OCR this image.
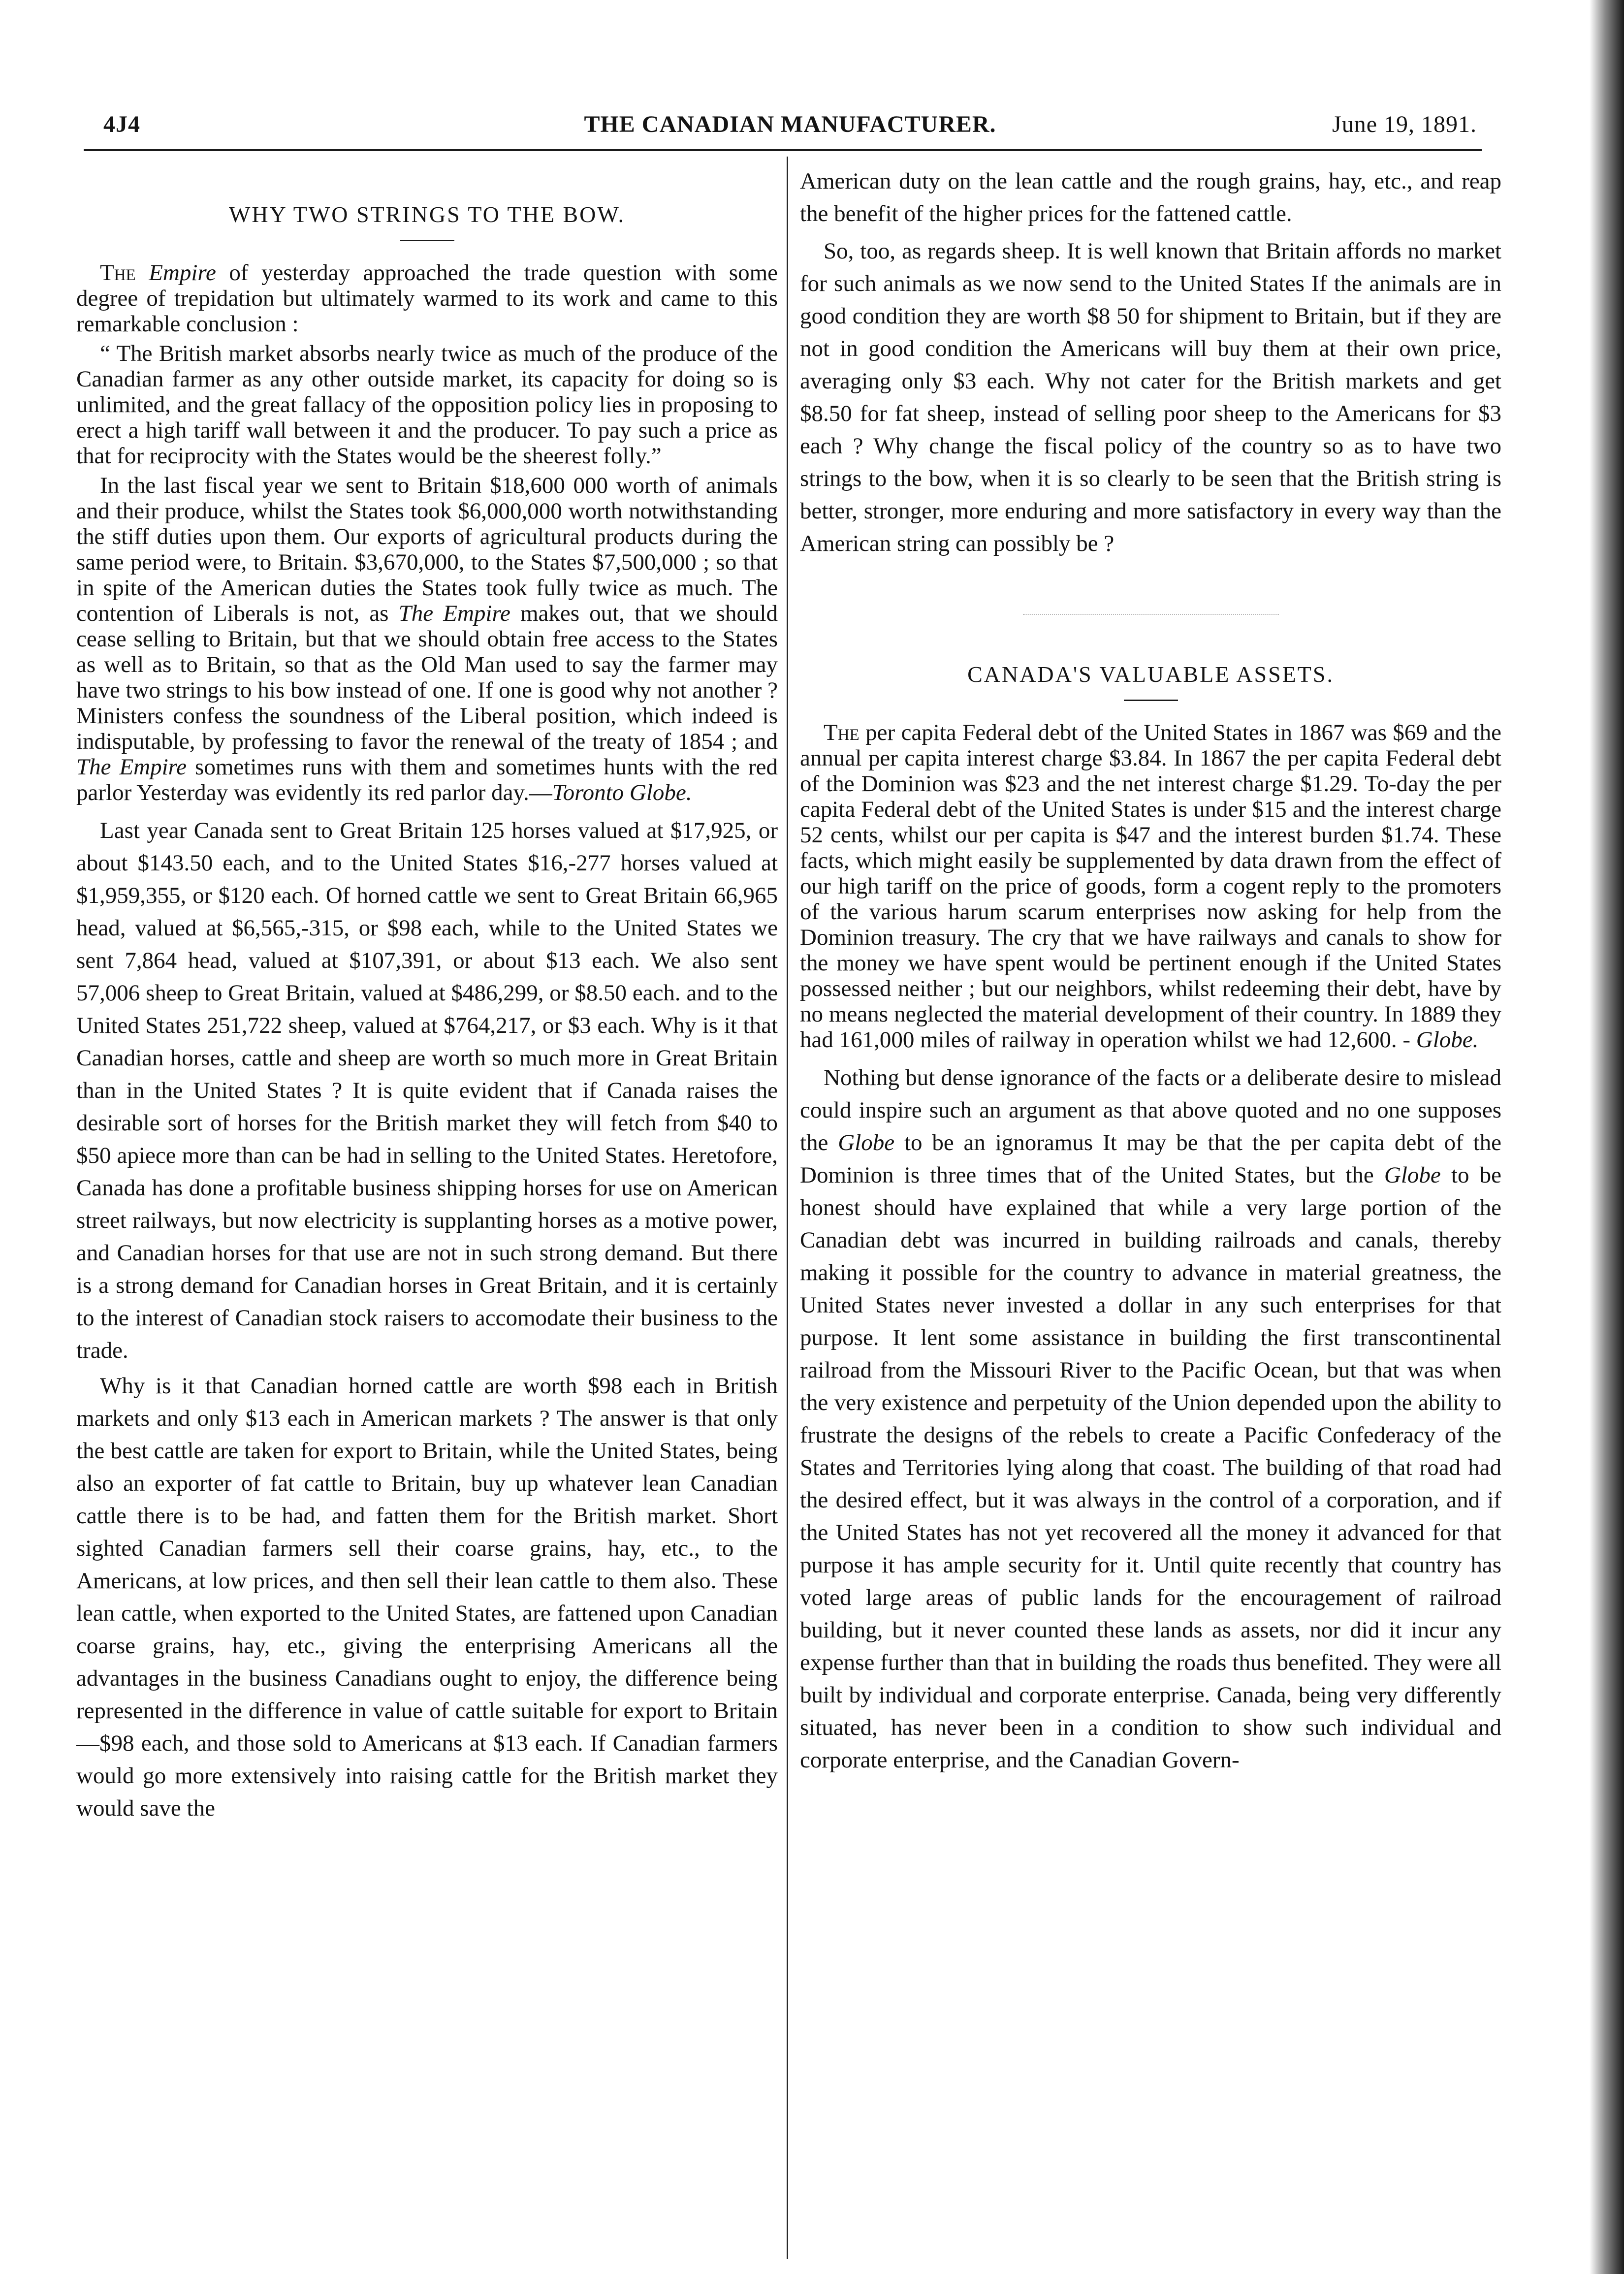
4J4	THE CANADIAN MANUFACTURER.	June 19, 1891.
WHY TWO STRINGS TO THE BOW.

The Empire of yesterday approached the trade question with some degree of trepidation but ultimately warmed to its work and came to this remarkable conclusion :

“ The British market absorbs nearly twice as much of the produce of the Canadian farmer as any other outside market, its capacity for doing so is unlimited, and the great fallacy of the opposition policy lies in proposing to erect a high tariff wall between it and the producer. To pay such a price as that for reciprocity with the States would be the sheerest folly.”

In the last fiscal year we sent to Britain $18,600 000 worth of animals and their produce, whilst the States took $6,000,000 worth notwithstanding the stiff duties upon them. Our exports of agricultural products during the same period were, to Britain. $3,670,000, to the States $7,500,000 ; so that in spite of the American duties the States took fully twice as much. The contention of Liberals is not, as The Empire makes out, that we should cease selling to Britain, but that we should obtain free access to the States as well as to Britain, so that as the Old Man used to say the farmer may have two strings to his bow instead of one. If one is good why not another ? Ministers confess the soundness of the Liberal position, which indeed is indisputable, by professing to favor the renewal of the treaty of 1854 ; and The Empire sometimes runs with them and sometimes hunts with the red parlor Yesterday was evidently its red parlor day.—Toronto Globe.

Last year Canada sent to Great Britain 125 horses valued at $17,925, or about $143.50 each, and to the United States $16,-277 horses valued at $1,959,355, or $120 each. Of horned cattle we sent to Great Britain 66,965 head, valued at $6,565,-315, or $98 each, while to the United States we sent 7,864 head, valued at $107,391, or about $13 each. We also sent 57,006 sheep to Great Britain, valued at $486,299, or $8.50 each. and to the United States 251,722 sheep, valued at $764,217, or $3 each. Why is it that Canadian horses, cattle and sheep are worth so much more in Great Britain than in the United States ? It is quite evident that if Canada raises the desirable sort of horses for the British market they will fetch from $40 to $50 apiece more than can be had in selling to the United States. Heretofore, Canada has done a profitable business shipping horses for use on American street railways, but now electricity is supplanting horses as a motive power, and Canadian horses for that use are not in such strong demand. But there is a strong demand for Canadian horses in Great Britain, and it is certainly to the interest of Canadian stock raisers to accomodate their business to the trade.

Why is it that Canadian horned cattle are worth $98 each in British markets and only $13 each in American markets ? The answer is that only the best cattle are taken for export to Britain, while the United States, being also an exporter of fat cattle to Britain, buy up whatever lean Canadian cattle there is to be had, and fatten them for the British market. Short sighted Canadian farmers sell their coarse grains, hay, etc., to the Americans, at low prices, and then sell their lean cattle to them also. These lean cattle, when exported to the United States, are fattened upon Canadian coarse grains, hay, etc., giving the enterprising Americans all the advantages in the business Canadians ought to enjoy, the difference being represented in the difference in value of cattle suitable for export to Britain—$98 each, and those sold to Americans at $13 each. If Canadian farmers would go more extensively into raising cattle for the British market they would save the

American duty on the lean cattle and the rough grains, hay, etc., and reap the benefit of the higher prices for the fattened cattle.

So, too, as regards sheep. It is well known that Britain affords no market for such animals as we now send to the United States If the animals are in good condition they are worth $8 50 for shipment to Britain, but if they are not in good condition the Americans will buy them at their own price, averaging only $3 each. Why not cater for the British markets and get $8.50 for fat sheep, instead of selling poor sheep to the Americans for $3 each ? Why change the fiscal policy of the country so as to have two strings to the bow, when it is so clearly to be seen that the British string is better, stronger, more enduring and more satisfactory in every way than the American string can possibly be ?

CANADA'S VALUABLE ASSETS.

The per capita Federal debt of the United States in 1867 was $69 and the annual per capita interest charge $3.84. In 1867 the per capita Federal debt of the Dominion was $23 and the net interest charge $1.29. To-day the per capita Federal debt of the United States is under $15 and the interest charge 52 cents, whilst our per capita is $47 and the interest burden $1.74. These facts, which might easily be supplemented by data drawn from the effect of our high tariff on the price of goods, form a cogent reply to the promoters of the various harum scarum enterprises now asking for help from the Dominion treasury. The cry that we have railways and canals to show for the money we have spent would be pertinent enough if the United States possessed neither ; but our neighbors, whilst redeeming their debt, have by no means neglected the material development of their country. In 1889 they had 161,000 miles of railway in operation whilst we had 12,600. - Globe.

Nothing but dense ignorance of the facts or a deliberate desire to mislead could inspire such an argument as that above quoted and no one supposes the Globe to be an ignoramus It may be that the per capita debt of the Dominion is three times that of the United States, but the Globe to be honest should have explained that while a very large portion of the Canadian debt was incurred in building railroads and canals, thereby making it possible for the country to advance in material greatness, the United States never invested a dollar in any such enterprises for that purpose. It lent some assistance in building the first transcontinental railroad from the Missouri River to the Pacific Ocean, but that was when the very existence and perpetuity of the Union depended upon the ability to frustrate the designs of the rebels to create a Pacific Confederacy of the States and Territories lying along that coast. The building of that road had the desired effect, but it was always in the control of a corporation, and if the United States has not yet recovered all the money it advanced for that purpose it has ample security for it. Until quite recently that country has voted large areas of public lands for the encouragement of railroad building, but it never counted these lands as assets, nor did it incur any expense further than that in building the roads thus benefited. They were all built by individual and corporate enterprise. Canada, being very differently situated, has never been in a condition to show such individual and corporate enterprise, and the Canadian Govern-
